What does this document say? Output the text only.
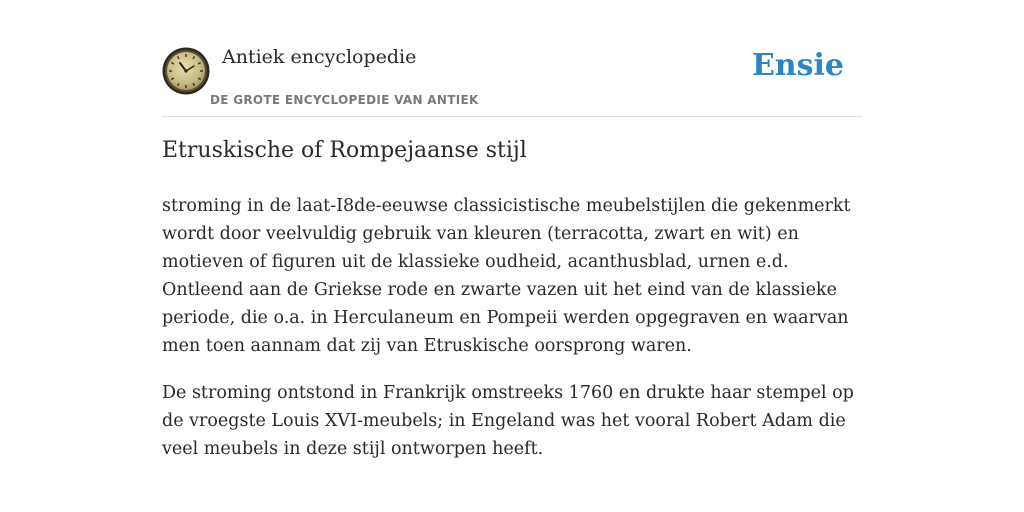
Antiek encyclopedie
DE GROTE ENCYCLOPEDIE VAN ANTIEK
Ensie
Etruskische of Rompejaanse stijl

stroming in de laat-I8de-eeuwse classicistische meubelstijlen die gekenmerkt wordt door veelvuldig gebruik van kleuren (terracotta, zwart en wit) en motieven of figuren uit de klassieke oudheid, acanthusblad, urnen e.d. Ontleend aan de Griekse rode en zwarte vazen uit het eind van de klassieke periode, die o.a. in Herculaneum en Pompeii werden opgegraven en waarvan men toen aannam dat zij van Etruskische oorsprong waren.

De stroming ontstond in Frankrijk omstreeks 1760 en drukte haar stempel op de vroegste Louis XVI-meubels; in Engeland was het vooral Robert Adam die veel meubels in deze stijl ontworpen heeft.
